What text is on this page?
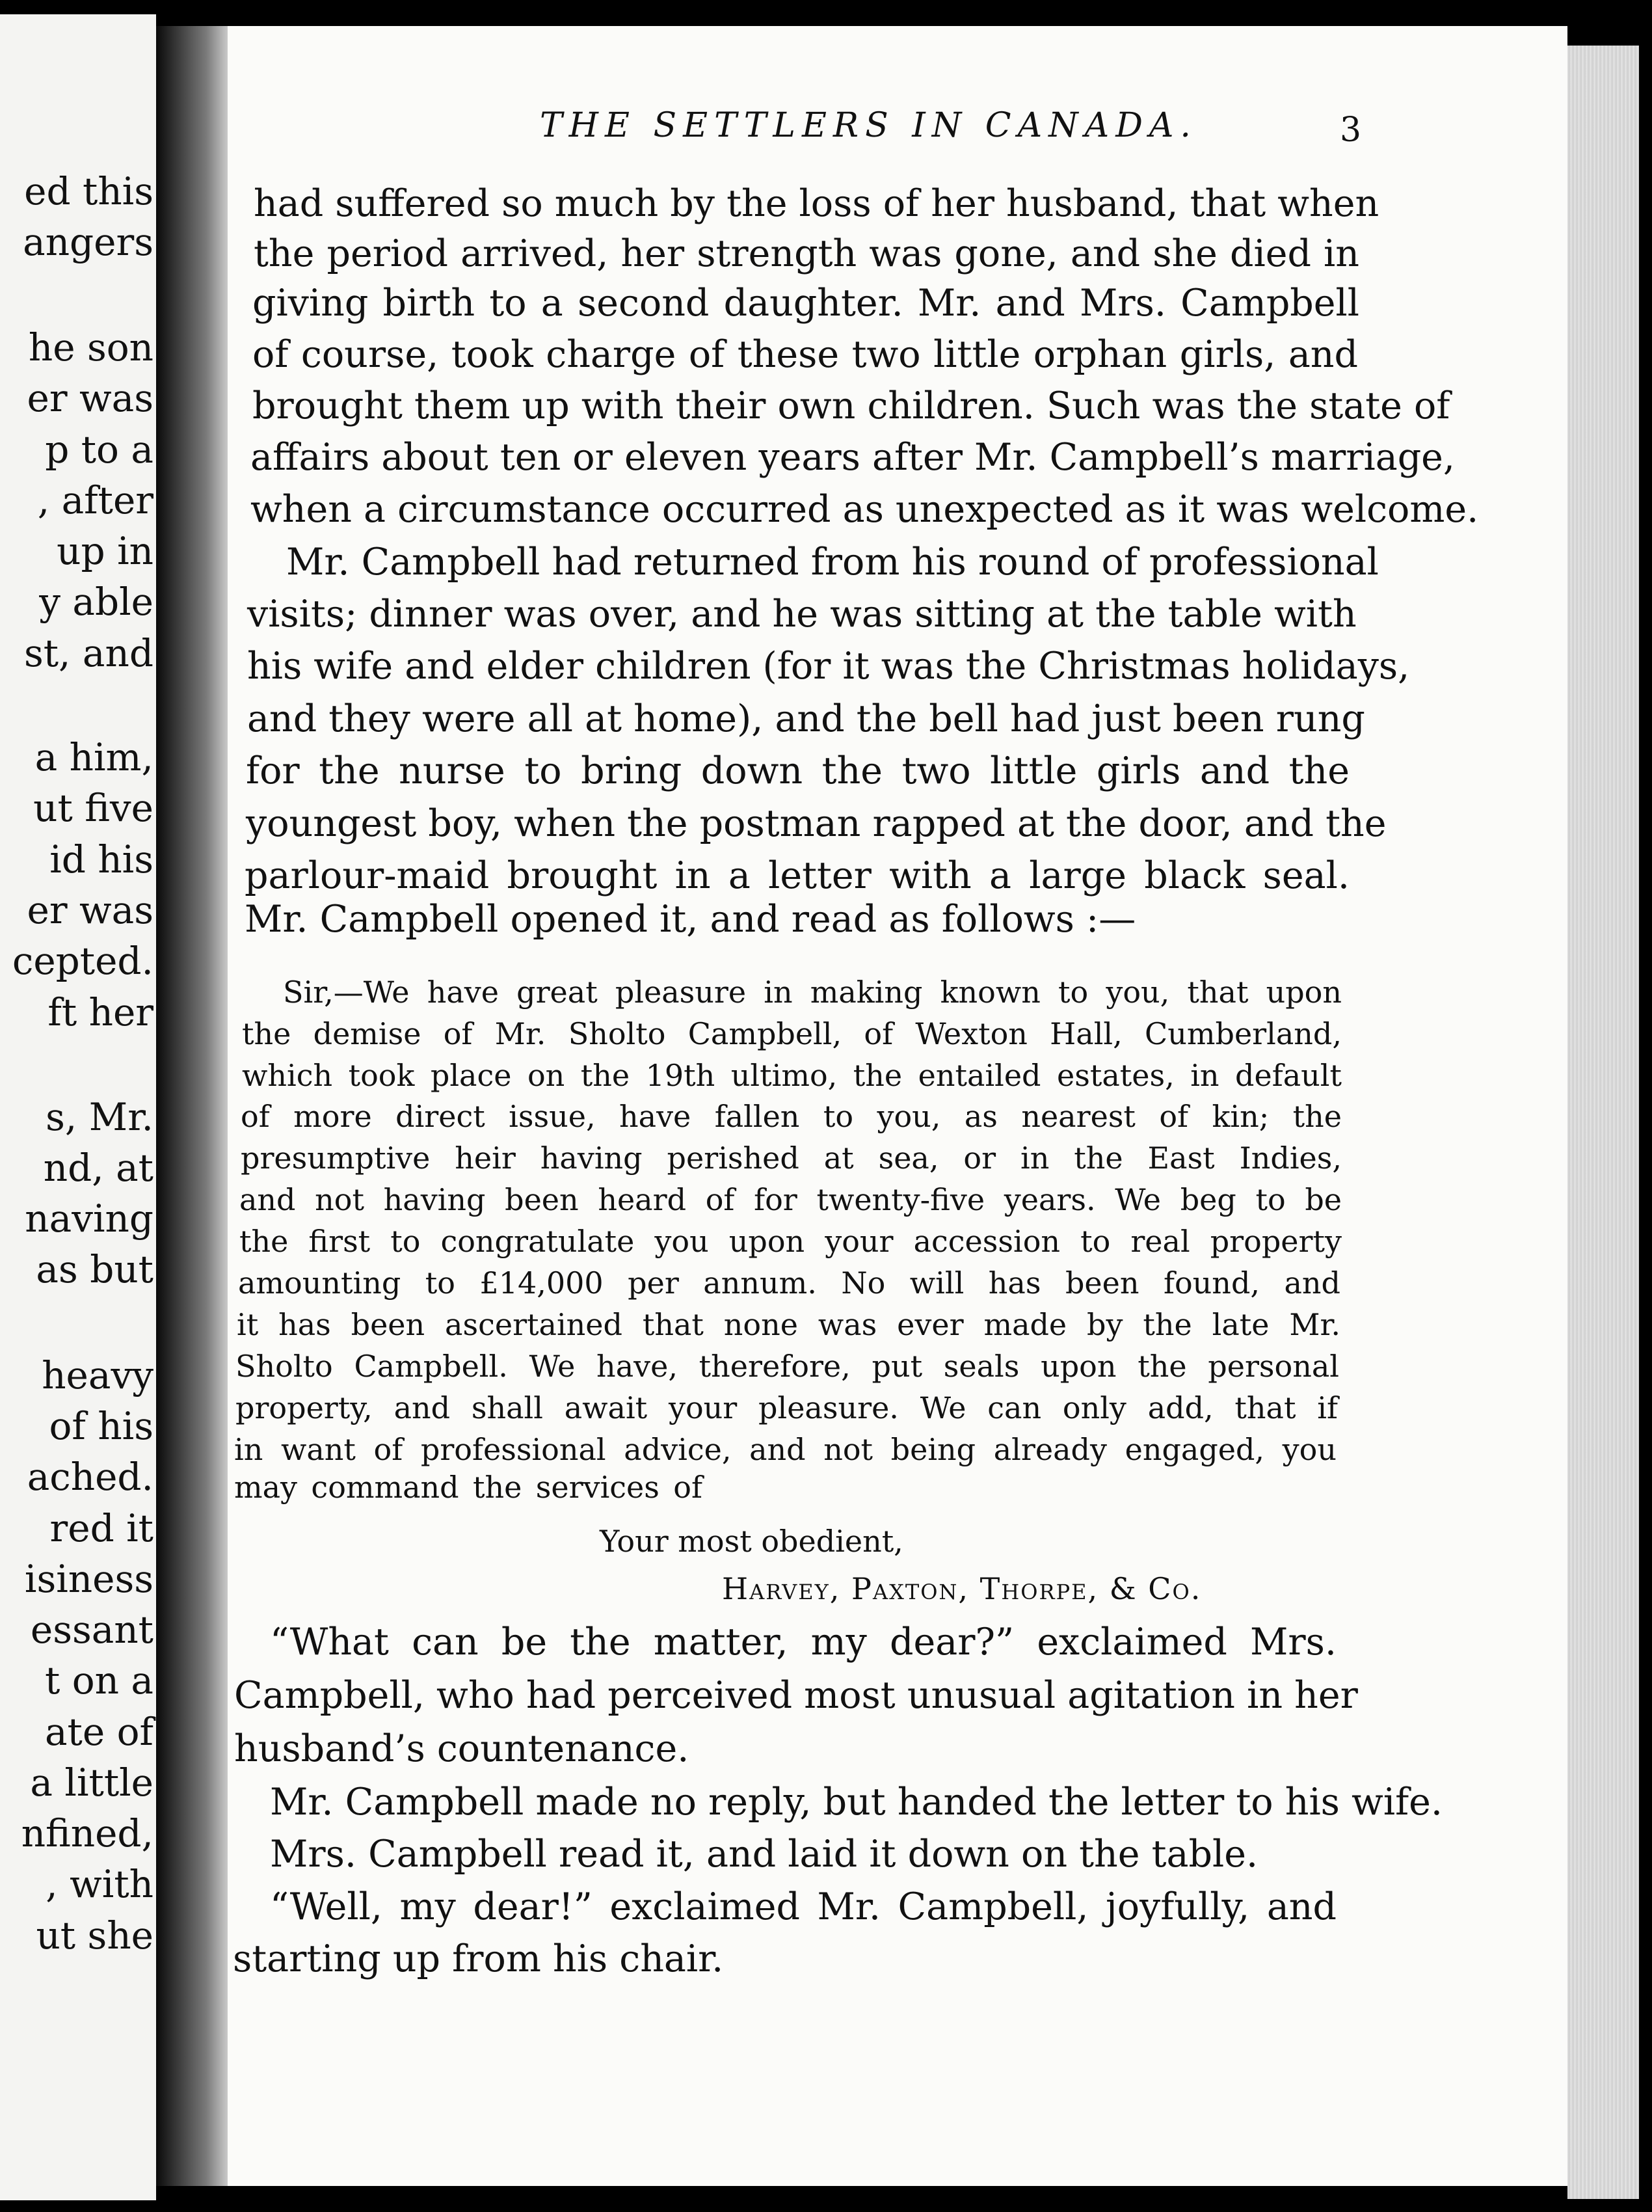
ed this
angers
he son
er was
p to a
, after
up in
y able
st, and
a him,
ut five
id his
er was
cepted.
ft her
s, Mr.
nd, at
naving
as but
heavy
of his
ached.
red it
isiness
essant
t on a
ate of
a little
nfined,
, with
ut she
THE SETTLERS IN CANADA.	3
had suffered so much by the loss of her husband, that when
the period arrived, her strength was gone, and she died in
giving birth to a second daughter. Mr. and Mrs. Campbell
of course, took charge of these two little orphan girls, and
brought them up with their own children. Such was the state of
affairs about ten or eleven years after Mr. Campbell’s marriage,
when a circumstance occurred as unexpected as it was welcome.
Mr. Campbell had returned from his round of professional
visits; dinner was over, and he was sitting at the table with
his wife and elder children (for it was the Christmas holidays,
and they were all at home), and the bell had just been rung
for the nurse to bring down the two little girls and the
youngest boy, when the postman rapped at the door, and the
parlour-maid brought in a letter with a large black seal.
Mr. Campbell opened it, and read as follows :—
Sir,—We have great pleasure in making known to you, that upon
the demise of Mr. Sholto Campbell, of Wexton Hall, Cumberland,
which took place on the 19th ultimo, the entailed estates, in default
of more direct issue, have fallen to you, as nearest of kin; the
presumptive heir having perished at sea, or in the East Indies,
and not having been heard of for twenty-five years. We beg to be
the first to congratulate you upon your accession to real property
amounting to £14,000 per annum. No will has been found, and
it has been ascertained that none was ever made by the late Mr.
Sholto Campbell. We have, therefore, put seals upon the personal
property, and shall await your pleasure. We can only add, that if
in want of professional advice, and not being already engaged, you
may command the services of
Your most obedient,
Harvey, Paxton, Thorpe, & Co.
“What can be the matter, my dear?” exclaimed Mrs.
Campbell, who had perceived most unusual agitation in her
husband’s countenance.
Mr. Campbell made no reply, but handed the letter to his wife.
Mrs. Campbell read it, and laid it down on the table.
“Well, my dear!” exclaimed Mr. Campbell, joyfully, and
starting up from his chair.
